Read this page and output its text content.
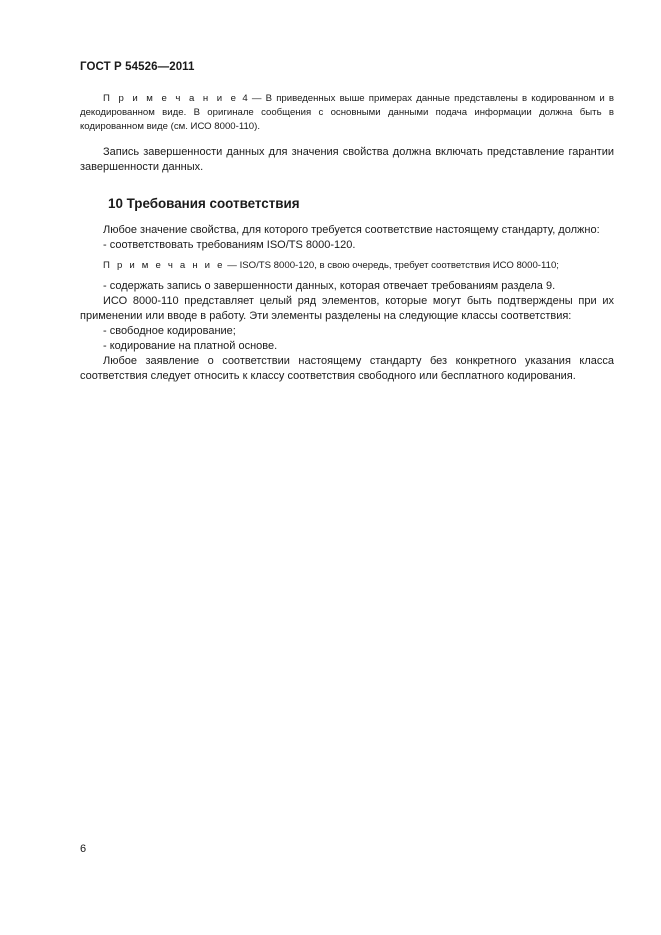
ГОСТ Р 54526—2011

П р и м е ч а н и е 4 — В приведенных выше примерах данные представлены в кодированном и в декодированном виде. В оригинале сообщения с основными данными подача информации должна быть в кодированном виде (см. ИСО 8000-110).

Запись завершенности данных для значения свойства должна включать представление гарантии завершенности данных.

10 Требования соответствия

Любое значение свойства, для которого требуется соответствие настоящему стандарту, должно:

- соответствовать требованиям ISO/TS 8000-120.

П р и м е ч а н и е — ISO/TS 8000-120, в свою очередь, требует соответствия ИСО 8000-110;

- содержать запись о завершенности данных, которая отвечает требованиям раздела 9.

ИСО 8000-110 представляет целый ряд элементов, которые могут быть подтверждены при их применении или вводе в работу. Эти элементы разделены на следующие классы соответствия:

- свободное кодирование;

- кодирование на платной основе.

Любое заявление о соответствии настоящему стандарту без конкретного указания класса соответствия следует относить к классу соответствия свободного или бесплатного кодирования.

6
